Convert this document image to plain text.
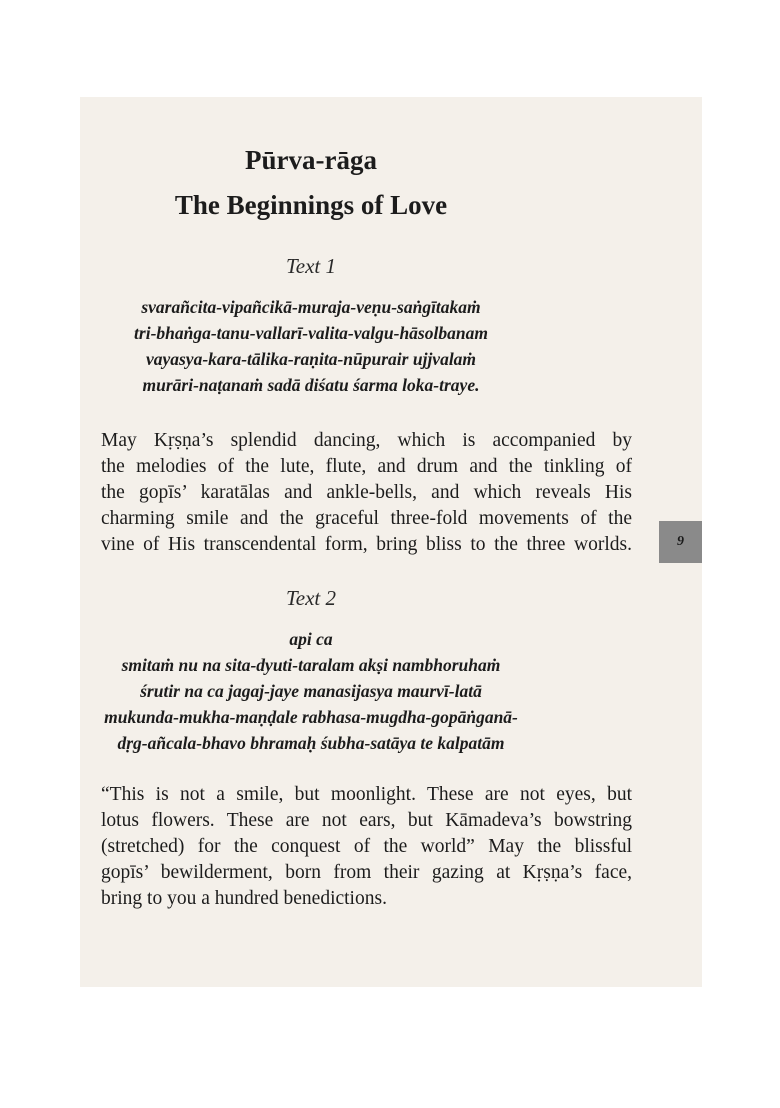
Pūrva-rāga
The Beginnings of Love
Text 1
svarañcita-vipañcikā-muraja-veṇu-saṅgītakaṁ
tri-bhaṅga-tanu-vallarī-valita-valgu-hāsolbanam
vayasya-kara-tālika-raṇita-nūpurair ujjvalaṁ
murāri-naṭanaṁ sadā diśatu śarma loka-traye.
May Kṛṣṇa’s splendid dancing, which is accompanied by
the melodies of the lute, flute, and drum and the tinkling of
the gopīs’ karatālas and ankle-bells, and which reveals His
charming smile and the graceful three-fold movements of the
vine of His transcendental form, bring bliss to the three worlds.	9
Text 2
api ca
smitaṁ nu na sita-dyuti-taralam akṣi nambhoruhaṁ
śrutir na ca jagaj-jaye manasijasya maurvī-latā
mukunda-mukha-maṇḍale rabhasa-mugdha-gopāṅganā-
dṛg-añcala-bhavo bhramaḥ śubha-satāya te kalpatām
“This is not a smile, but moonlight. These are not eyes, but
lotus flowers. These are not ears, but Kāmadeva’s bowstring
(stretched) for the conquest of the world” May the blissful
gopīs’ bewilderment, born from their gazing at Kṛṣṇa’s face,
bring to you a hundred benedictions.
